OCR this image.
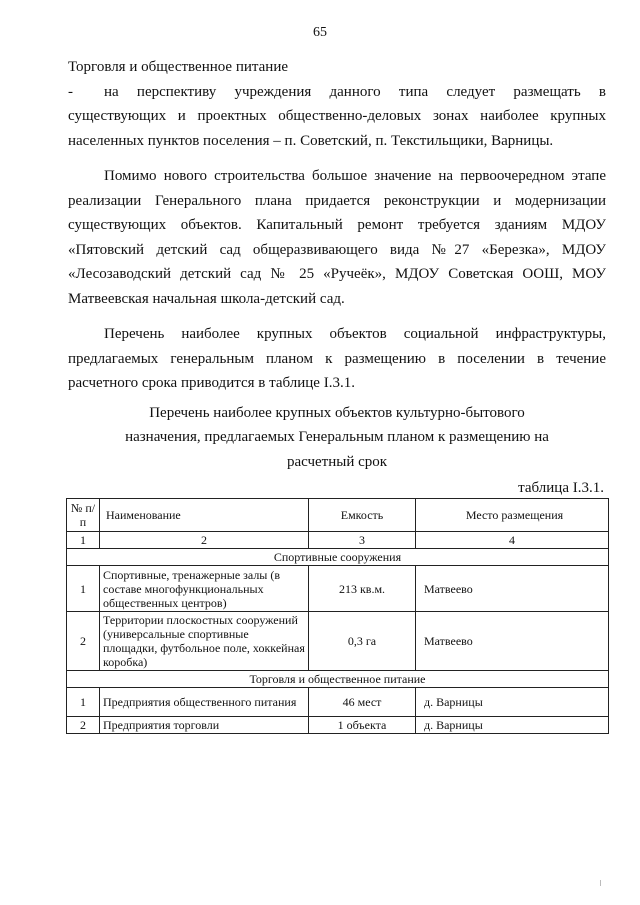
65

Торговля и общественное питание

- на перспективу учреждения данного типа следует размещать в существующих и проектных общественно-деловых зонах наиболее крупных населенных пунктов поселения – п. Советский, п. Текстильщики, Варницы.

Помимо нового строительства большое значение на первоочередном этапе реализации Генерального плана придается реконструкции и модернизации существующих объектов. Капитальный ремонт требуется зданиям МДОУ «Пятовский детский сад общеразвивающего вида №27 «Березка», МДОУ «Лесозаводский детский сад № 25 «Ручеёк», МДОУ Советская ООШ, МОУ Матвеевская начальная школа-детский сад.

Перечень наиболее крупных объектов социальной инфраструктуры, предлагаемых генеральным планом к размещению в поселении в течение расчетного срока приводится в таблице I.3.1.

Перечень наиболее крупных объектов культурно-бытового

назначения, предлагаемых Генеральным планом к размещению на

расчетный срок

таблица I.3.1.

№ п/п	Наименование	Емкость	Место размещения
1	2	3	4
Спортивные сооружения			
1	Спортивные, тренажерные залы (в составе многофункциональных общественных центров)	213 кв.м.	Матвеево
2	Территории плоскостных сооружений (универсальные спортивные площадки, футбольное поле, хоккейная коробка)	0,3 га	Матвеево
Торговля и общественное питание			
1	Предприятия общественного питания	46 мест	д. Варницы
2	Предприятия торговли	1 объекта	д. Варницы
